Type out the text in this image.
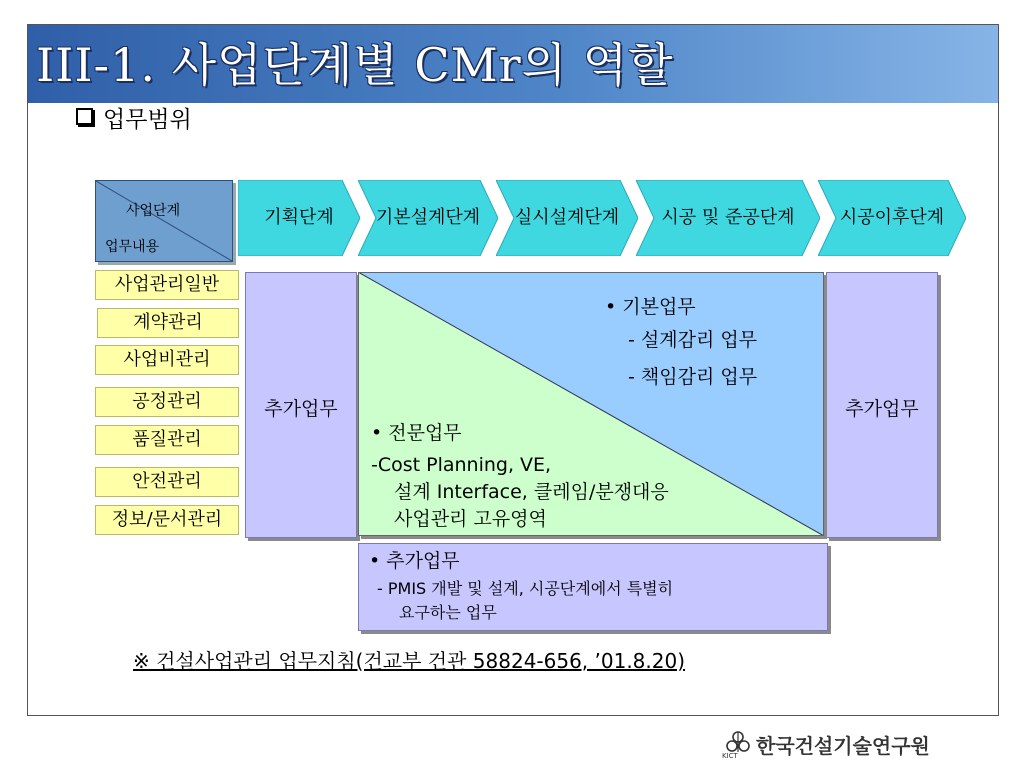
III-1. 사업단계별 CMr의 역할
업무범위
사업단계
업무내용
기획단계	기본설계단계	실시설계단계	시공 및 준공단계	시공이후단계
사업관리일반
계약관리
사업비관리
공정관리
품질관리
안전관리
정보/문서관리
추가업무	추가업무
• 기본업무
- 설계감리 업무
- 책임감리 업무
• 전문업무
-Cost Planning, VE,
설계 Interface, 클레임/분쟁대응
사업관리 고유영역
• 추가업무
- PMIS 개발 및 설계, 시공단계에서 특별히
요구하는 업무
※ 건설사업관리 업무지침(건교부 건관 58824-656, ’01.8.20)
KICT 한국건설기술연구원
